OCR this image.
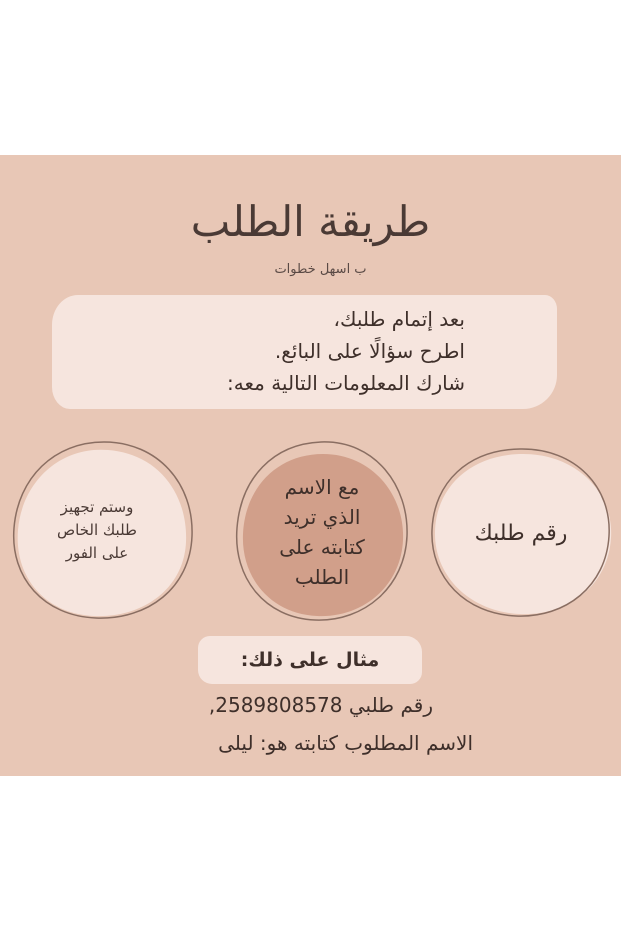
طريقة الطلب
ب اسهل خطوات
بعد إتمام طلبك،
اطرح سؤالًا على البائع.
شارك المعلومات التالية معه:
رقم طلبك
مع الاسم
الذي تريد
كتابته على
الطلب
وستم تجهيز
طلبك الخاص
على الفور
مثال على ذلك:
رقم طلبي 2589808578,
الاسم المطلوب كتابته هو: ليلى
